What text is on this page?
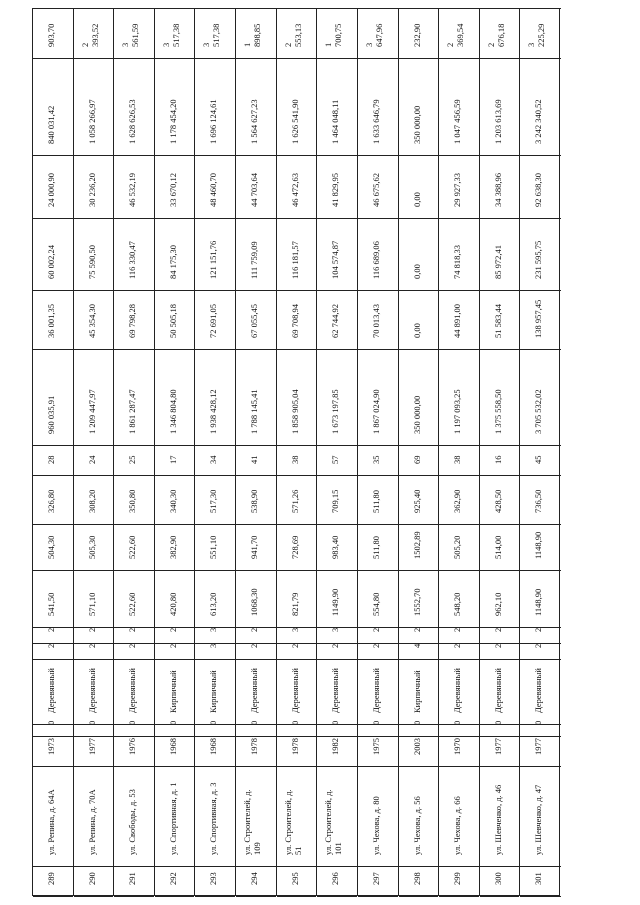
289
ул. Репина, д. 64А
1973
0
Деревянный
2
2
541,50
504,30
326,80
28
960 035,91
36 001,35
60 002,24
24 000,90
840 031,42
903,70
290
ул. Репина, д. 70А
1977
0
Деревянный
2
2
571,10
505,30
308,20
24
1 209 447,97
45 354,30
75 590,50
30 236,20
1 058 266,97
2 393,52
291
ул. Свободы, д. 53
1976
0
Деревянный
2
2
522,60
522,60
350,80
25
1 861 287,47
69 798,28
116 330,47
46 532,19
1 628 626,53
3 561,59
292
ул. Спортивная, д. 1
1968
0
Кирпичный
2
2
420,80
382,90
340,30
17
1 346 804,80
50 505,18
84 175,30
33 670,12
1 178 454,20
3 517,38
293
ул. Спортивная, д. 3
1968
0
Кирпичный
3
3
613,20
551,10
517,30
34
1 938 428,12
72 691,05
121 151,76
48 460,70
1 696 124,61
3 517,38
294
ул. Строителей, д. 109
1978
0
Деревянный
2
2
1068,30
941,70
538,90
41
1 788 145,41
67 055,45
111 759,09
44 703,64
1 564 627,23
1 898,85
295
ул. Строителей, д. 51
1978
0
Деревянный
2
3
821,79
728,69
571,26
38
1 858 905,04
69 708,94
116 181,57
46 472,63
1 626 541,90
2 553,13
296
ул. Строителей, д. 101
1982
0
Деревянный
2
3
1149,90
983,40
709,15
57
1 673 197,85
62 744,92
104 574,87
41 829,95
1 464 048,11
1 700,75
297
ул. Чехова, д. 80
1975
0
Деревянный
2
2
554,80
511,80
511,80
35
1 867 024,90
70 013,43
116 689,06
46 675,62
1 633 646,79
3 647,96
298
ул. Чехова, д. 56
2003
0
Кирпичный
4
2
1552,70
1502,89
925,40
69
350 000,00
0,00
0,00
0,00
350 000,00
232,90
299
ул. Чехова, д. 66
1970
0
Деревянный
2
2
548,20
505,20
362,90
38
1 197 093,25
44 891,00
74 818,33
29 927,33
1 047 456,59
2 369,54
300
ул. Шевченко, д. 46
1977
0
Деревянный
2
2
962,10
514,00
428,50
16
1 375 558,50
51 583,44
85 972,41
34 388,96
1 203 613,69
2 676,18
301
ул. Шевченко, д. 47
1977
0
Деревянный
2
2
1148,90
1148,90
736,50
45
3 705 532,02
138 957,45
231 595,75
92 638,30
3 242 340,52
3 225,29
